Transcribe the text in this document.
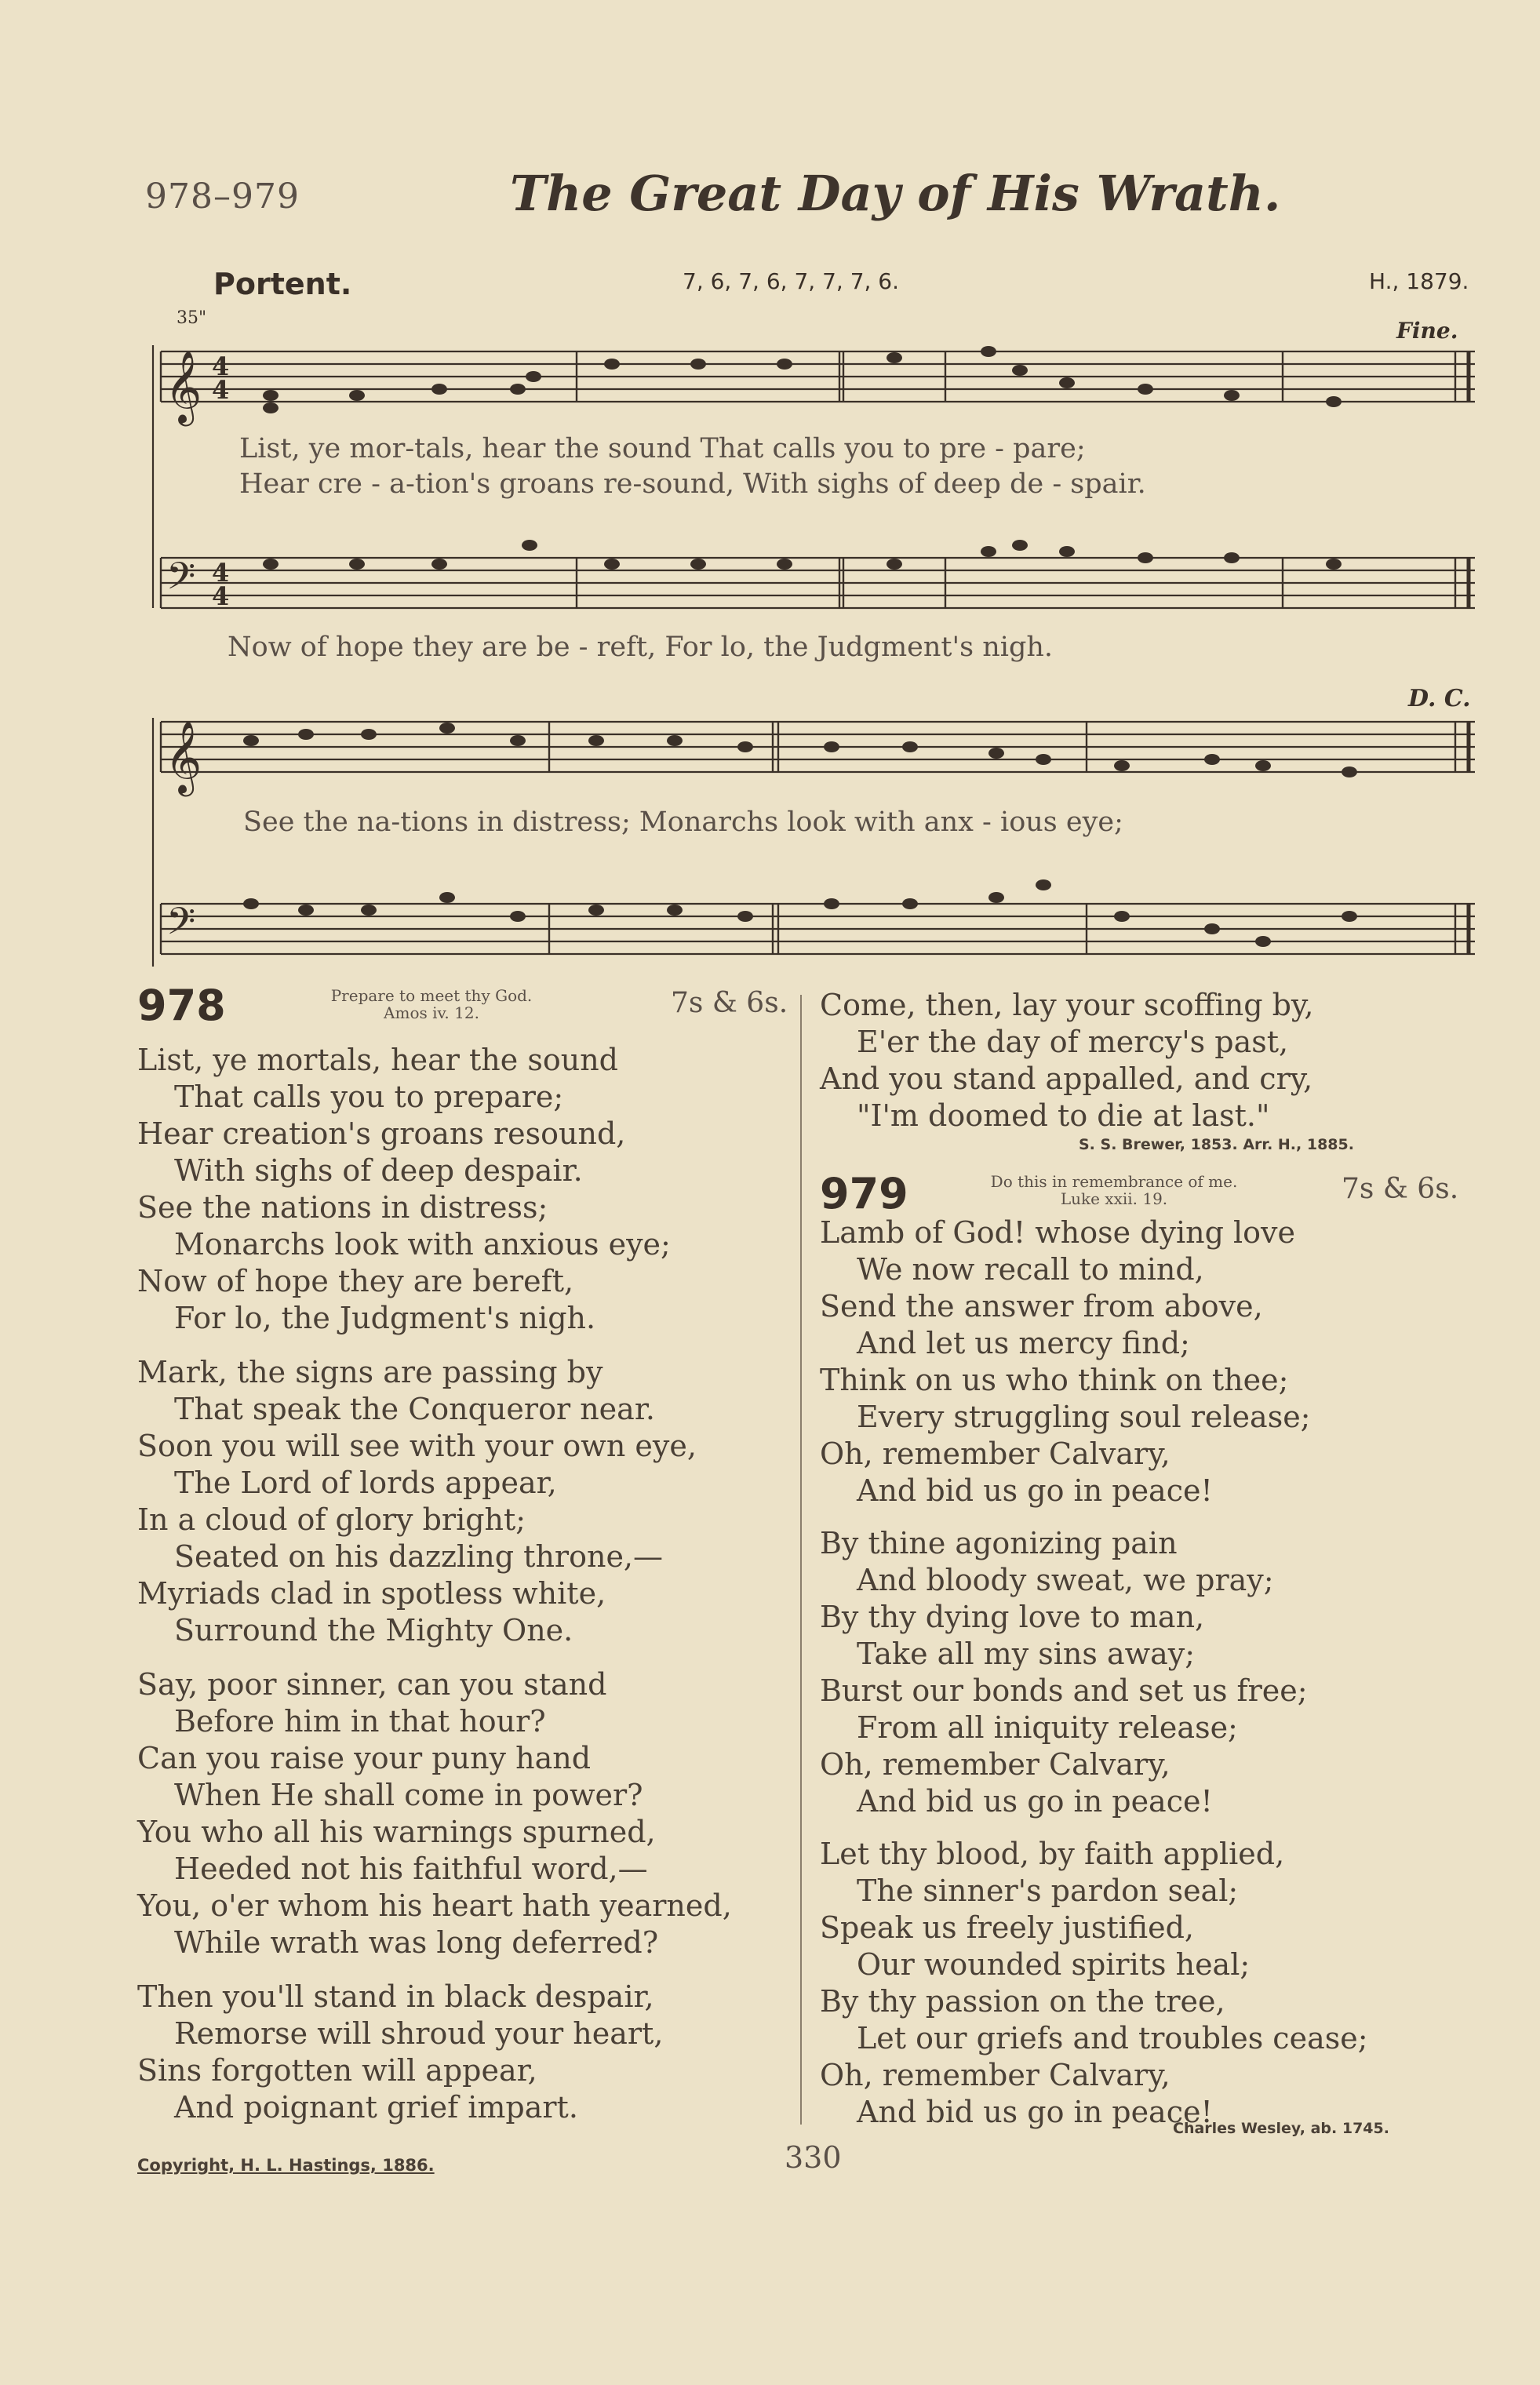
978–979	The Great Day of His Wrath.
Portent.	7, 6, 7, 6, 7, 7, 7, 6.	H., 1879.
35"	Fine.
D. C.
𝄞
𝄢
𝄞
𝄢
4
4
4
4
List, ye mor-tals, hear the sound That calls you to pre - pare;
Hear cre - a-tion's groans re-sound, With sighs of deep de - spair.
Now of hope they are be - reft, For lo, the Judgment's nigh.
See the na-tions in distress; Monarchs look with anx - ious eye;
978	Prepare to meet thy God.
Amos iv. 12.	7s & 6s.
List, ye mortals, hear the sound
That calls you to prepare;
Hear creation's groans resound,
With sighs of deep despair.
See the nations in distress;
Monarchs look with anxious eye;
Now of hope they are bereft,
For lo, the Judgment's nigh.
Mark, the signs are passing by
That speak the Conqueror near.
Soon you will see with your own eye,
The Lord of lords appear,
In a cloud of glory bright;
Seated on his dazzling throne,—
Myriads clad in spotless white,
Surround the Mighty One.
Say, poor sinner, can you stand
Before him in that hour?
Can you raise your puny hand
When He shall come in power?
You who all his warnings spurned,
Heeded not his faithful word,—
You, o'er whom his heart hath yearned,
While wrath was long deferred?
Then you'll stand in black despair,
Remorse will shroud your heart,
Sins forgotten will appear,
And poignant grief impart.
Come, then, lay your scoffing by,
E'er the day of mercy's past,
And you stand appalled, and cry,
"I'm doomed to die at last."
S. S. Brewer, 1853. Arr. H., 1885.
979	Do this in remembrance of me.
Luke xxii. 19.	7s & 6s.
Lamb of God! whose dying love
We now recall to mind,
Send the answer from above,
And let us mercy find;
Think on us who think on thee;
Every struggling soul release;
Oh, remember Calvary,
And bid us go in peace!
By thine agonizing pain
And bloody sweat, we pray;
By thy dying love to man,
Take all my sins away;
Burst our bonds and set us free;
From all iniquity release;
Oh, remember Calvary,
And bid us go in peace!
Let thy blood, by faith applied,
The sinner's pardon seal;
Speak us freely justified,
Our wounded spirits heal;
By thy passion on the tree,
Let our griefs and troubles cease;
Oh, remember Calvary,
And bid us go in peace!
Charles Wesley, ab. 1745.
Copyright, H. L. Hastings, 1886.	330
